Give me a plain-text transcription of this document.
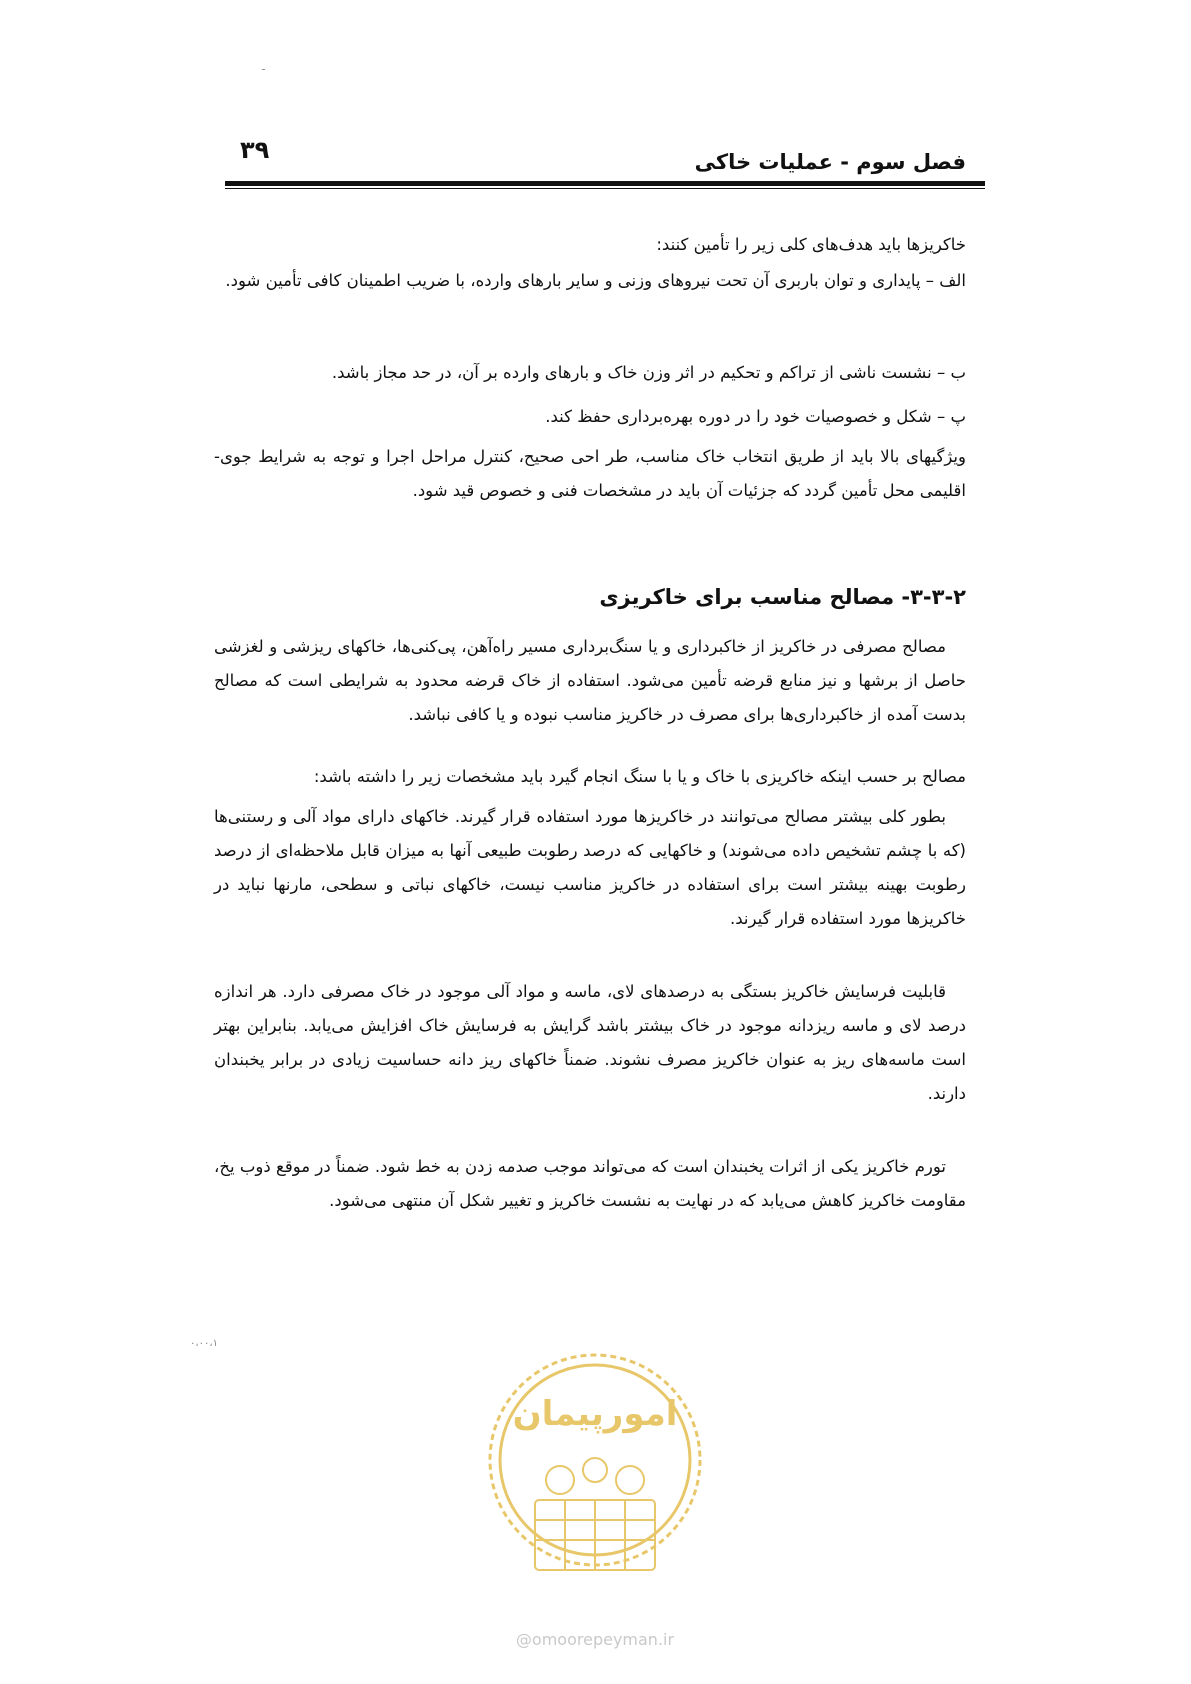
ـ
۰،۰۰،۱
۳۹	فصل سوم - عملیات خاکی
خاکریزها باید هدف‌های کلی زیر را تأمین کنند:
الف – پایداری و توان باربری آن تحت نیروهای وزنی و سایر بارهای وارده، با ضریب اطمینان کافی تأمین شود.
ب – نشست ناشی از تراکم و تحکیم در اثر وزن خاک و بارهای وارده بر آن، در حد مجاز باشد.
پ – شکل و خصوصیات خود را در دوره بهره‌برداری حفظ کند.
ویژگیهای بالا باید از طریق انتخاب خاک مناسب، طر احی صحیح، کنترل مراحل اجرا و توجه به شرایط جوی- اقلیمی محل تأمین گردد که جزئیات آن باید در مشخصات فنی و خصوص قید شود.
۳-۳-۲- مصالح مناسب برای خاکریزی
مصالح مصرفی در خاکریز از خاکبرداری و یا سنگ‌برداری مسیر راه‌آهن، پی‌کنی‌ها، خاکهای ریزشی و لغزشی حاصل از برشها و نیز منابع قرضه تأمین می‌شود. استفاده از خاک قرضه محدود به شرایطی است که مصالح بدست آمده از خاکبرداری‌ها برای مصرف در خاکریز مناسب نبوده و یا کافی نباشد.
مصالح بر حسب اینکه خاکریزی با خاک و یا با سنگ انجام گیرد باید مشخصات زیر را داشته باشد:
بطور کلی بیشتر مصالح می‌توانند در خاکریزها مورد استفاده قرار گیرند. خاکهای دارای مواد آلی و رستنی‌ها (که با چشم تشخیص داده می‌شوند) و خاکهایی که درصد رطوبت طبیعی آنها به میزان قابل ملاحظه‌ای از درصد رطوبت بهینه بیشتر است برای استفاده در خاکریز مناسب نیست، خاکهای نباتی و سطحی، مارنها نباید در خاکریزها مورد استفاده قرار گیرند.
قابلیت فرسایش خاکریز بستگی به درصدهای لای، ماسه و مواد آلی موجود در خاک مصرفی دارد. هر اندازه درصد لای و ماسه ریزدانه موجود در خاک بیشتر باشد گرایش به فرسایش خاک افزایش می‌یابد. بنابراین بهتر است ماسه‌های ریز به عنوان خاکریز مصرف نشوند. ضمناً خاکهای ریز دانه حساسیت زیادی در برابر یخبندان دارند.
تورم خاکریز یکی از اثرات یخبندان است که می‌تواند موجب صدمه زدن به خط شود. ضمناً در موقع ذوب یخ، مقاومت خاکریز کاهش می‌یابد که در نهایت به نشست خاکریز و تغییر شکل آن منتهی می‌شود.
امورپیمان
@omoorepeyman.ir
